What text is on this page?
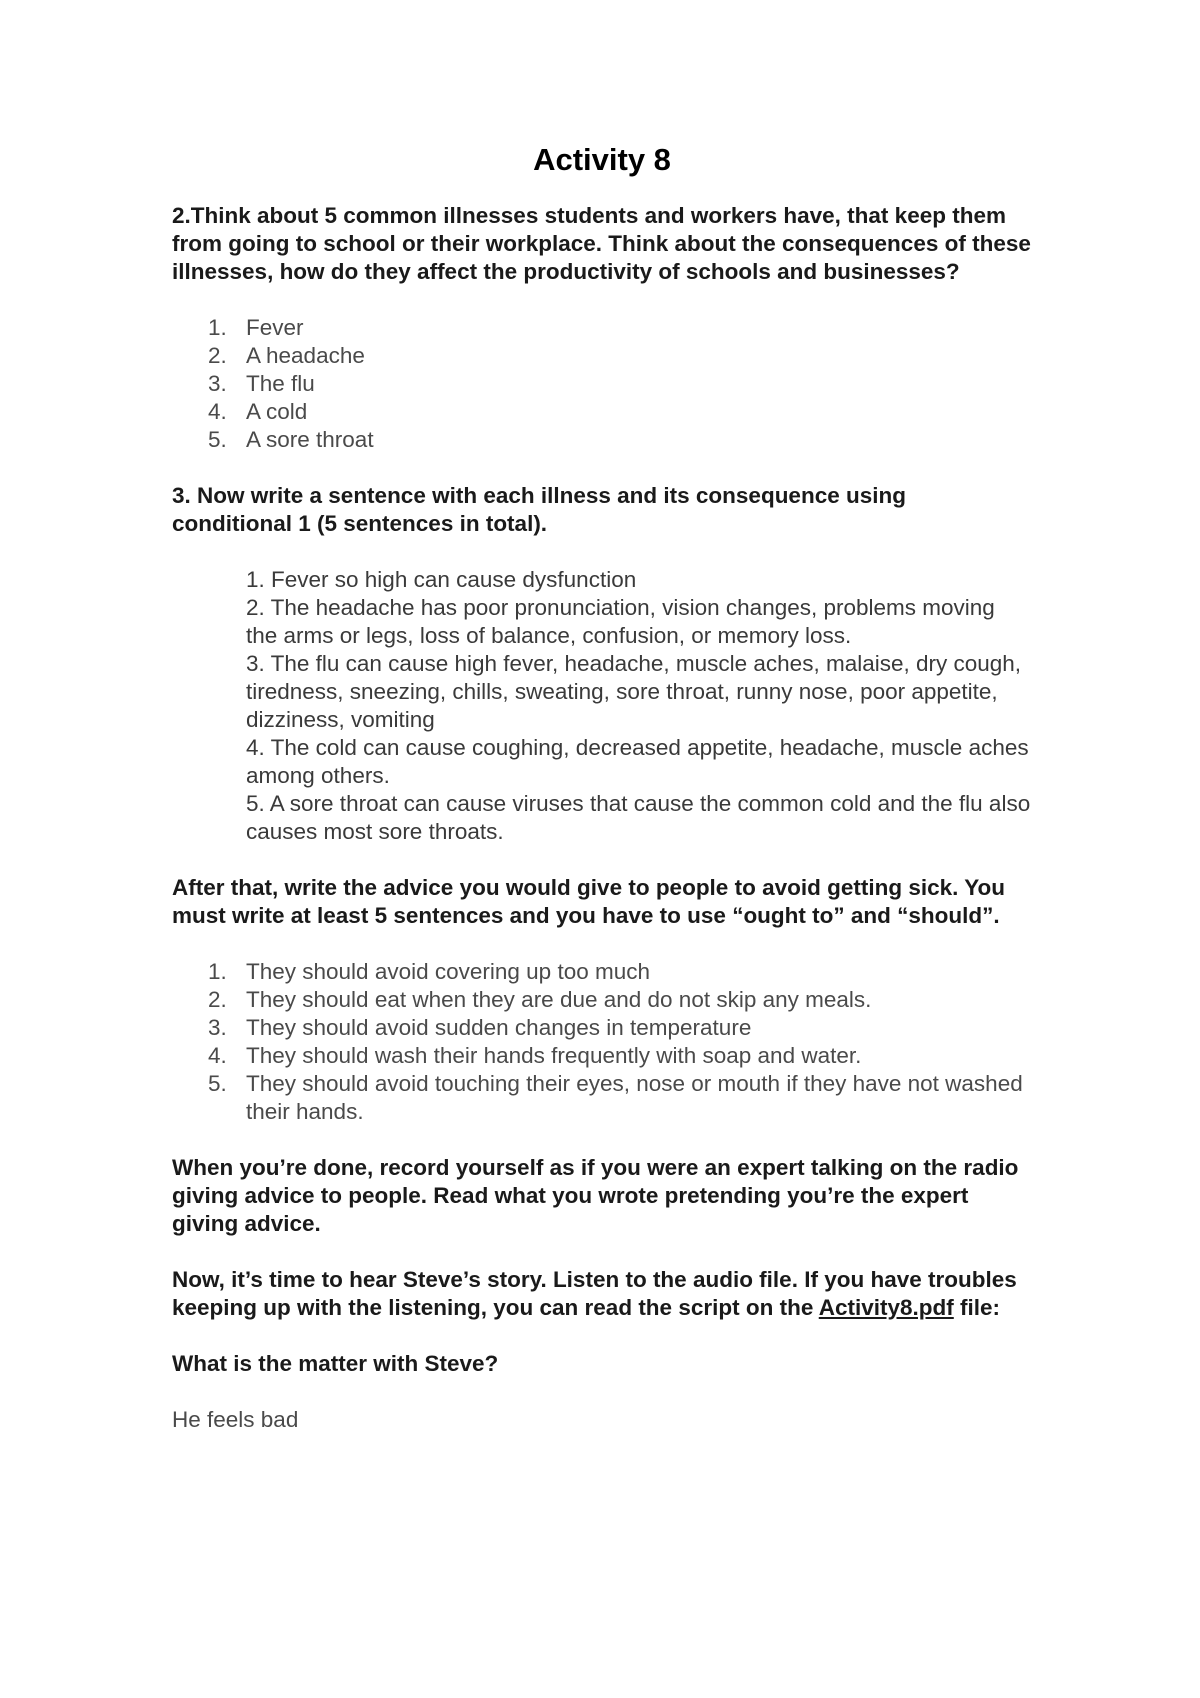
Activity 8

2.Think about 5 common illnesses students and workers have, that keep them from going to school or their workplace. Think about the consequences of these illnesses, how do they affect the productivity of schools and businesses?

1. Fever
2. A headache
3. The flu
4. A cold
5. A sore throat

3. Now write a sentence with each illness and its consequence using conditional 1 (5 sentences in total).

1. Fever so high can cause dysfunction

2. The headache has poor pronunciation, vision changes, problems moving the arms or legs, loss of balance, confusion, or memory loss.

3. The flu can cause high fever, headache, muscle aches, malaise, dry cough, tiredness, sneezing, chills, sweating, sore throat, runny nose, poor appetite, dizziness, vomiting

4. The cold can cause coughing, decreased appetite, headache, muscle aches among others.

5. A sore throat can cause viruses that cause the common cold and the flu also causes most sore throats.

After that, write the advice you would give to people to avoid getting sick. You must write at least 5 sentences and you have to use “ought to” and “should”.

1. They should avoid covering up too much
2. They should eat when they are due and do not skip any meals.
3. They should avoid sudden changes in temperature
4. They should wash their hands frequently with soap and water.
5. They should avoid touching their eyes, nose or mouth if they have not washed their hands.

When you’re done, record yourself as if you were an expert talking on the radio giving advice to people. Read what you wrote pretending you’re the expert giving advice.

Now, it’s time to hear Steve’s story. Listen to the audio file. If you have troubles keeping up with the listening, you can read the script on the Activity8.pdf file:

What is the matter with Steve?

He feels bad
